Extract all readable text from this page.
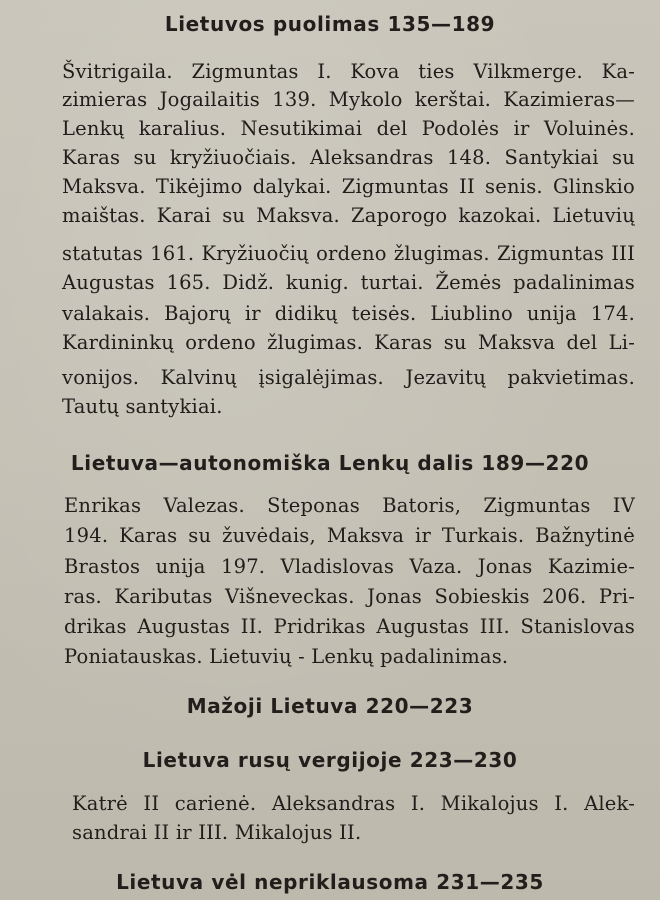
Lietuvos puolimas 135—189
Švitrigaila. Zigmuntas I. Kova ties Vilkmerge. Ka-
zimieras Jogailaitis 139. Mykolo kerštai. Kazimieras—
Lenkų karalius. Nesutikimai del Podolės ir Voluinės.
Karas su kryžiuočiais. Aleksandras 148. Santykiai su
Maksva. Tikėjimo dalykai. Zigmuntas II senis. Glinskio
maištas. Karai su Maksva. Zaporogo kazokai. Lietuvių
statutas 161. Kryžiuočių ordeno žlugimas. Zigmuntas III
Augustas 165. Didž. kunig. turtai. Žemės padalinimas
valakais. Bajorų ir didikų teisės. Liublino unija 174.
Kardininkų ordeno žlugimas. Karas su Maksva del Li-
vonijos. Kalvinų įsigalėjimas. Jezavitų pakvietimas.
Tautų santykiai.
Lietuva—autonomiška Lenkų dalis 189—220
Enrikas Valezas. Steponas Batoris, Zigmuntas IV
194. Karas su žuvėdais, Maksva ir Turkais. Bažnytinė
Brastos unija 197. Vladislovas Vaza. Jonas Kazimie-
ras. Kaributas Višneveckas. Jonas Sobieskis 206. Pri-
drikas Augustas II. Pridrikas Augustas III. Stanislovas
Poniatauskas. Lietuvių - Lenkų padalinimas.
Mažoji Lietuva 220—223
Lietuva rusų vergijoje 223—230
Katrė II carienė. Aleksandras I. Mikalojus I. Alek-
sandrai II ir III. Mikalojus II.
Lietuva vėl nepriklausoma 231—235
